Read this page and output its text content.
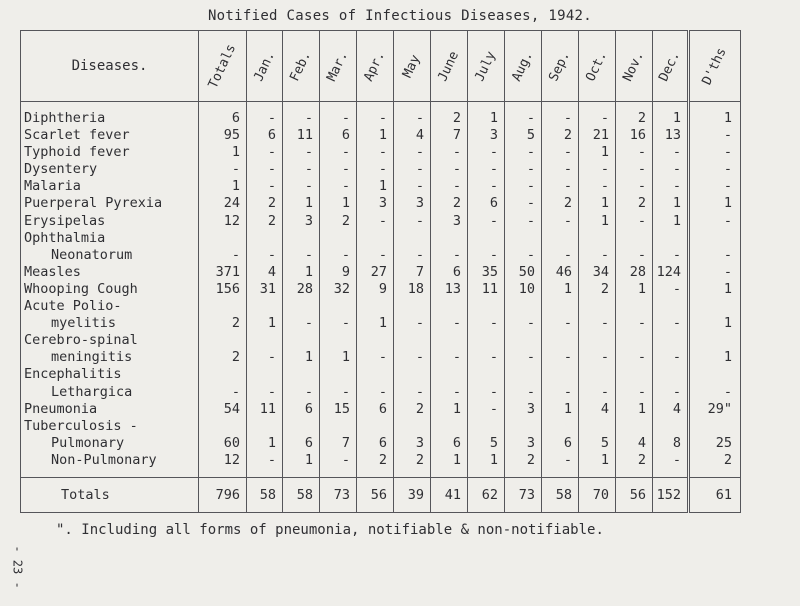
Notified Cases of Infectious Diseases, 1942.
Diseases.	Totals	Jan.	Feb.	Mar.	Apr.	May	June	July	Aug.	Sep.	Oct.	Nov.	Dec.	D'ths

Diphtheria	6	-	-	-	-	-	2	1	-	-	-	2	1	1
Scarlet fever	95	6	11	6	1	4	7	3	5	2	21	16	13	-
Typhoid fever	1	-	-	-	-	-	-	-	-	-	1	-	-	-
Dysentery	-	-	-	-	-	-	-	-	-	-	-	-	-	-
Malaria	1	-	-	-	1	-	-	-	-	-	-	-	-	-
Puerperal Pyrexia	24	2	1	1	3	3	2	6	-	2	1	2	1	1
Erysipelas	12	2	3	2	-	-	3	-	-	-	1	-	1	-
Ophthalmia														
Neonatorum	-	-	-	-	-	-	-	-	-	-	-	-	-	-
Measles	371	4	1	9	27	7	6	35	50	46	34	28	124	-
Whooping Cough	156	31	28	32	9	18	13	11	10	1	2	1	-	1
Acute Polio-														
myelitis	2	1	-	-	1	-	-	-	-	-	-	-	-	1
Cerebro-spinal														
meningitis	2	-	1	1	-	-	-	-	-	-	-	-	-	1
Encephalitis														
Lethargica	-	-	-	-	-	-	-	-	-	-	-	-	-	-
Pneumonia	54	11	6	15	6	2	1	-	3	1	4	1	4	29"
Tuberculosis -														
Pulmonary	60	1	6	7	6	3	6	5	3	6	5	4	8	25
Non-Pulmonary	12	-	1	-	2	2	1	1	2	-	1	2	-	2

Totals	796	58	58	73	56	39	41	62	73	58	70	56	152	61
". Including all forms of pneumonia, notifiable & non-notifiable.
- 23 -
